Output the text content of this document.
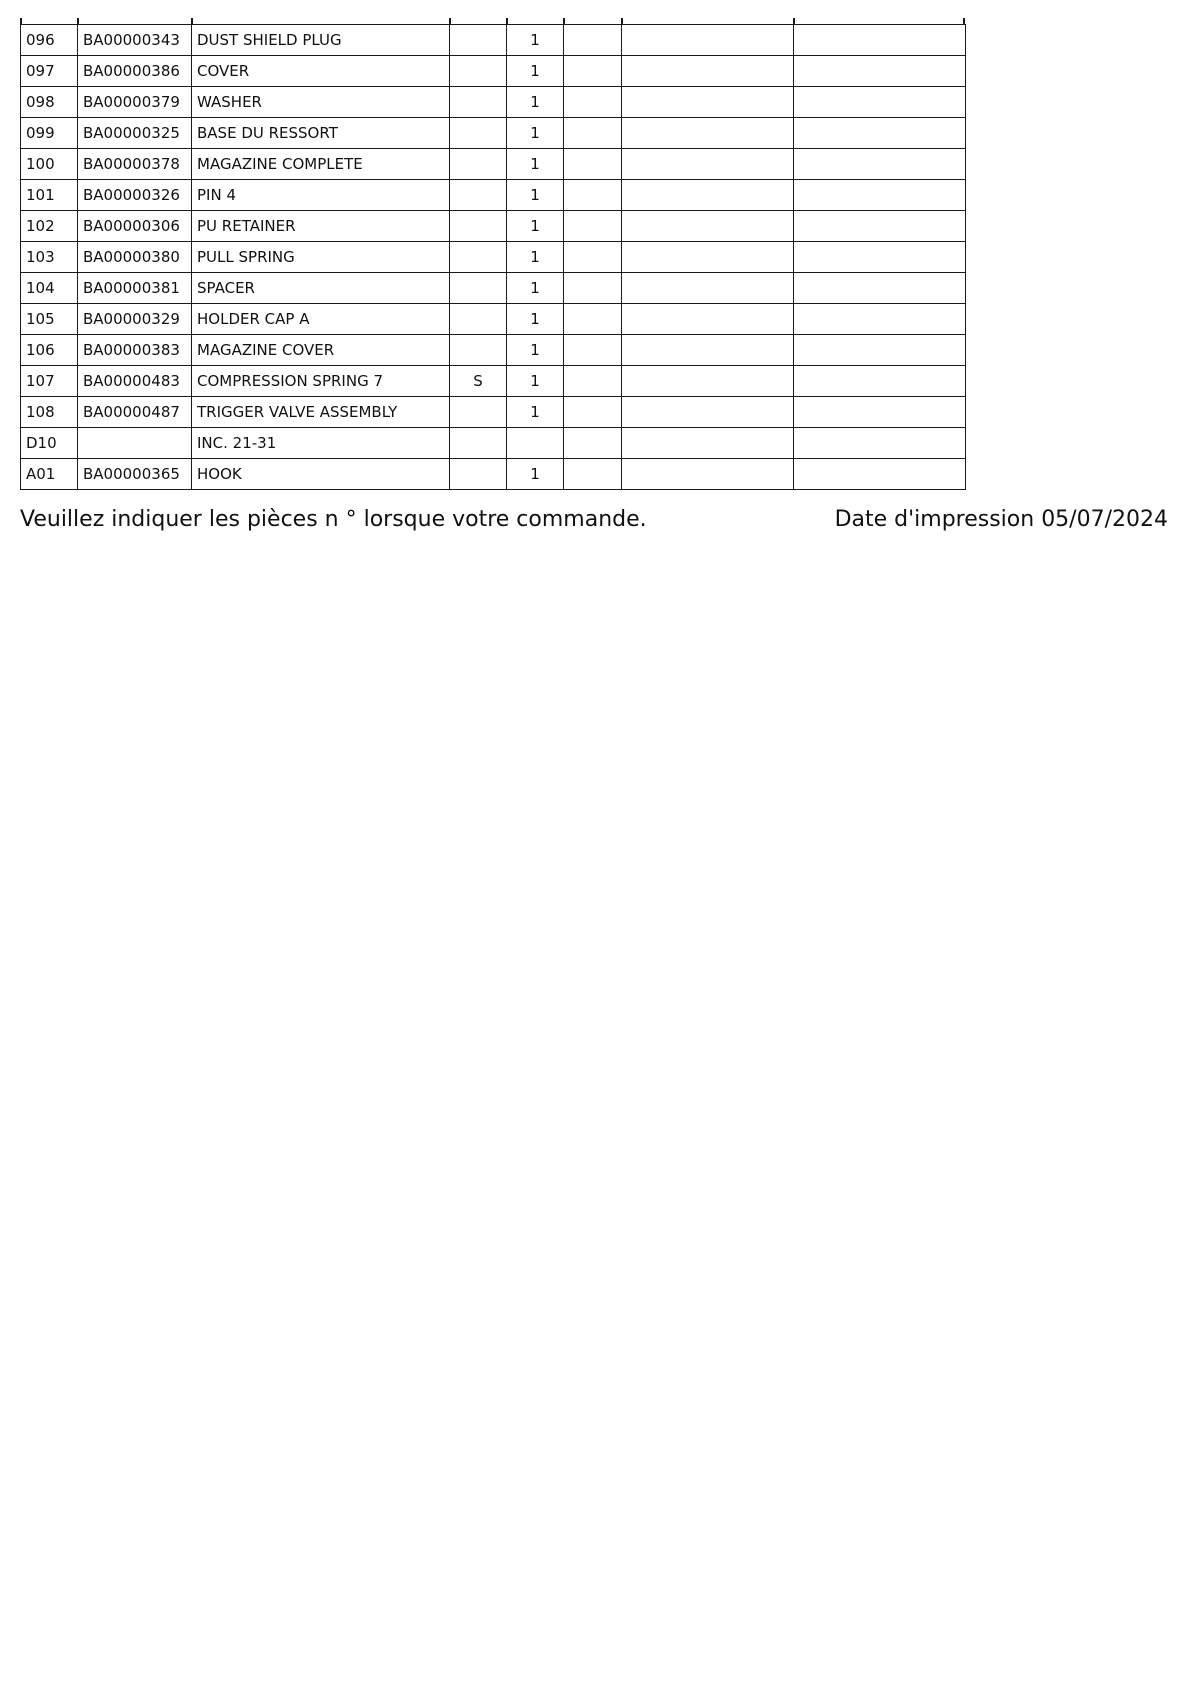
096	BA00000343	DUST SHIELD PLUG		1			
097	BA00000386	COVER		1			
098	BA00000379	WASHER		1			
099	BA00000325	BASE DU RESSORT		1			
100	BA00000378	MAGAZINE COMPLETE		1			
101	BA00000326	PIN 4		1			
102	BA00000306	PU RETAINER		1			
103	BA00000380	PULL SPRING		1			
104	BA00000381	SPACER		1			
105	BA00000329	HOLDER CAP A		1			
106	BA00000383	MAGAZINE COVER		1			
107	BA00000483	COMPRESSION SPRING 7	S	1			
108	BA00000487	TRIGGER VALVE ASSEMBLY		1			
D10		INC. 21-31					
A01	BA00000365	HOOK		1			
Veuillez indiquer les pièces n ° lorsque votre commande.	Date d'impression 05/07/2024
